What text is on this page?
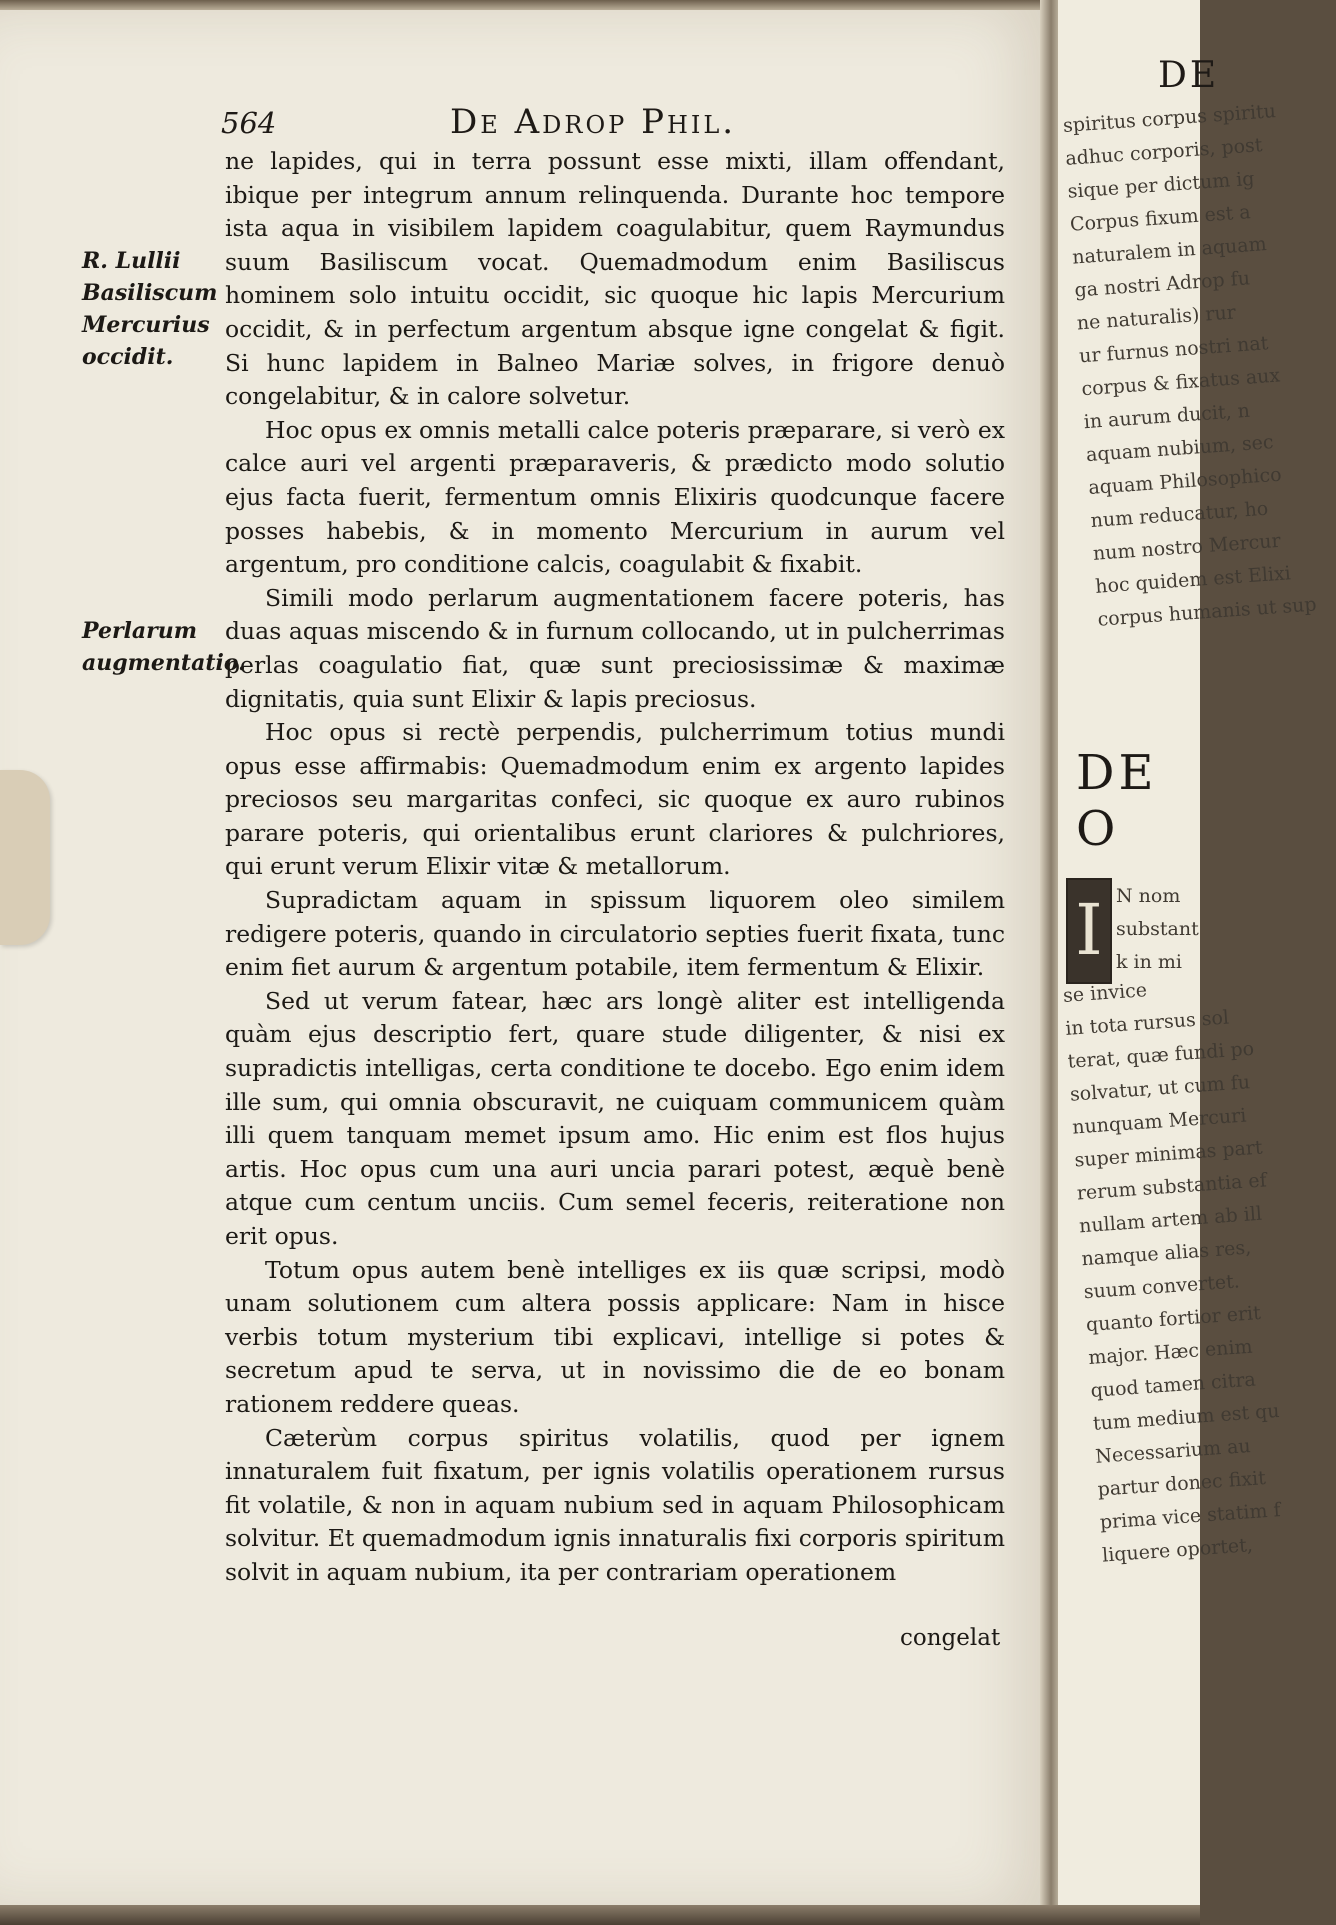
564	De Adrop Phil.

R. Lullii Basiliscum Mercurius occidit.

Perlarum augmentatio.

ne lapides, qui in terra possunt esse mixti, illam offendant, ibique per integrum annum relinquenda. Durante hoc tempore ista aqua in visibilem lapidem coagulabitur, quem Raymundus suum Basiliscum vocat. Quemadmodum enim Basiliscus hominem solo intuitu occidit, sic quoque hic lapis Mercurium occidit, & in perfectum argentum absque igne congelat & figit. Si hunc lapidem in Balneo Mariæ solves, in frigore denuò congelabitur, & in calore solvetur.

Hoc opus ex omnis metalli calce poteris præparare, si verò ex calce auri vel argenti præparaveris, & prædicto modo solutio ejus facta fuerit, fermentum omnis Elixiris quodcunque facere posses habebis, & in momento Mercurium in aurum vel argentum, pro conditione calcis, coagulabit & fixabit.

Simili modo perlarum augmentationem facere poteris, has duas aquas miscendo & in furnum collocando, ut in pulcherrimas perlas coagulatio fiat, quæ sunt preciosissimæ & maximæ dignitatis, quia sunt Elixir & lapis preciosus.

Hoc opus si rectè perpendis, pulcherrimum totius mundi opus esse affirmabis: Quemadmodum enim ex argento lapides preciosos seu margaritas confeci, sic quoque ex auro rubinos parare poteris, qui orientalibus erunt clariores & pulchriores, qui erunt verum Elixir vitæ & metallorum.

Supradictam aquam in spissum liquorem oleo similem redigere poteris, quando in circulatorio septies fuerit fixata, tunc enim fiet aurum & argentum potabile, item fermentum & Elixir.

Sed ut verum fatear, hæc ars longè aliter est intelligenda quàm ejus descriptio fert, quare stude diligenter, & nisi ex supradictis intelligas, certa conditione te docebo. Ego enim idem ille sum, qui omnia obscuravit, ne cuiquam communicem quàm illi quem tanquam memet ipsum amo. Hic enim est flos hujus artis. Hoc opus cum una auri uncia parari potest, æquè benè atque cum centum unciis. Cum semel feceris, reiteratione non erit opus.

Totum opus autem benè intelliges ex iis quæ scripsi, modò unam solutionem cum altera possis applicare: Nam in hisce verbis totum mysterium tibi explicavi, intellige si potes & secretum apud te serva, ut in novissimo die de eo bonam rationem reddere queas.

Cæterùm corpus spiritus volatilis, quod per ignem innaturalem fuit fixatum, per ignis volatilis operationem rursus fit volatile, & non in aquam nubium sed in aquam Philosophicam solvitur. Et quemadmodum ignis innaturalis fixi corporis spiritum solvit in aquam nubium, ita per contrariam operationem

congelat
DE
spiritus corpus spiritu
adhuc corporis, post
sique per dictum ig
Corpus fixum est a
naturalem in aquam
ga nostri Adrop fu
ne naturalis) rur
ur furnus nostri nat
corpus & fixatus aux
in aurum ducit, n
aquam nubium, sec
aquam Philosophico
num reducatur, ho
num nostro Mercur
hoc quidem est Elixi
corpus humanis ut sup
DE O
I N nom
substant
k in mi
se invice
in tota rursus sol
terat, quæ fundi po
solvatur, ut cum fu
nunquam Mercuri
super minimas part
rerum substantia ef
nullam artem ab ill
namque alias res,
suum convertet.
quanto fortior erit
major. Hæc enim
quod tamen citra
tum medium est qu
Necessarium au
partur donec fixit
prima vice statim f
liquere oportet,
